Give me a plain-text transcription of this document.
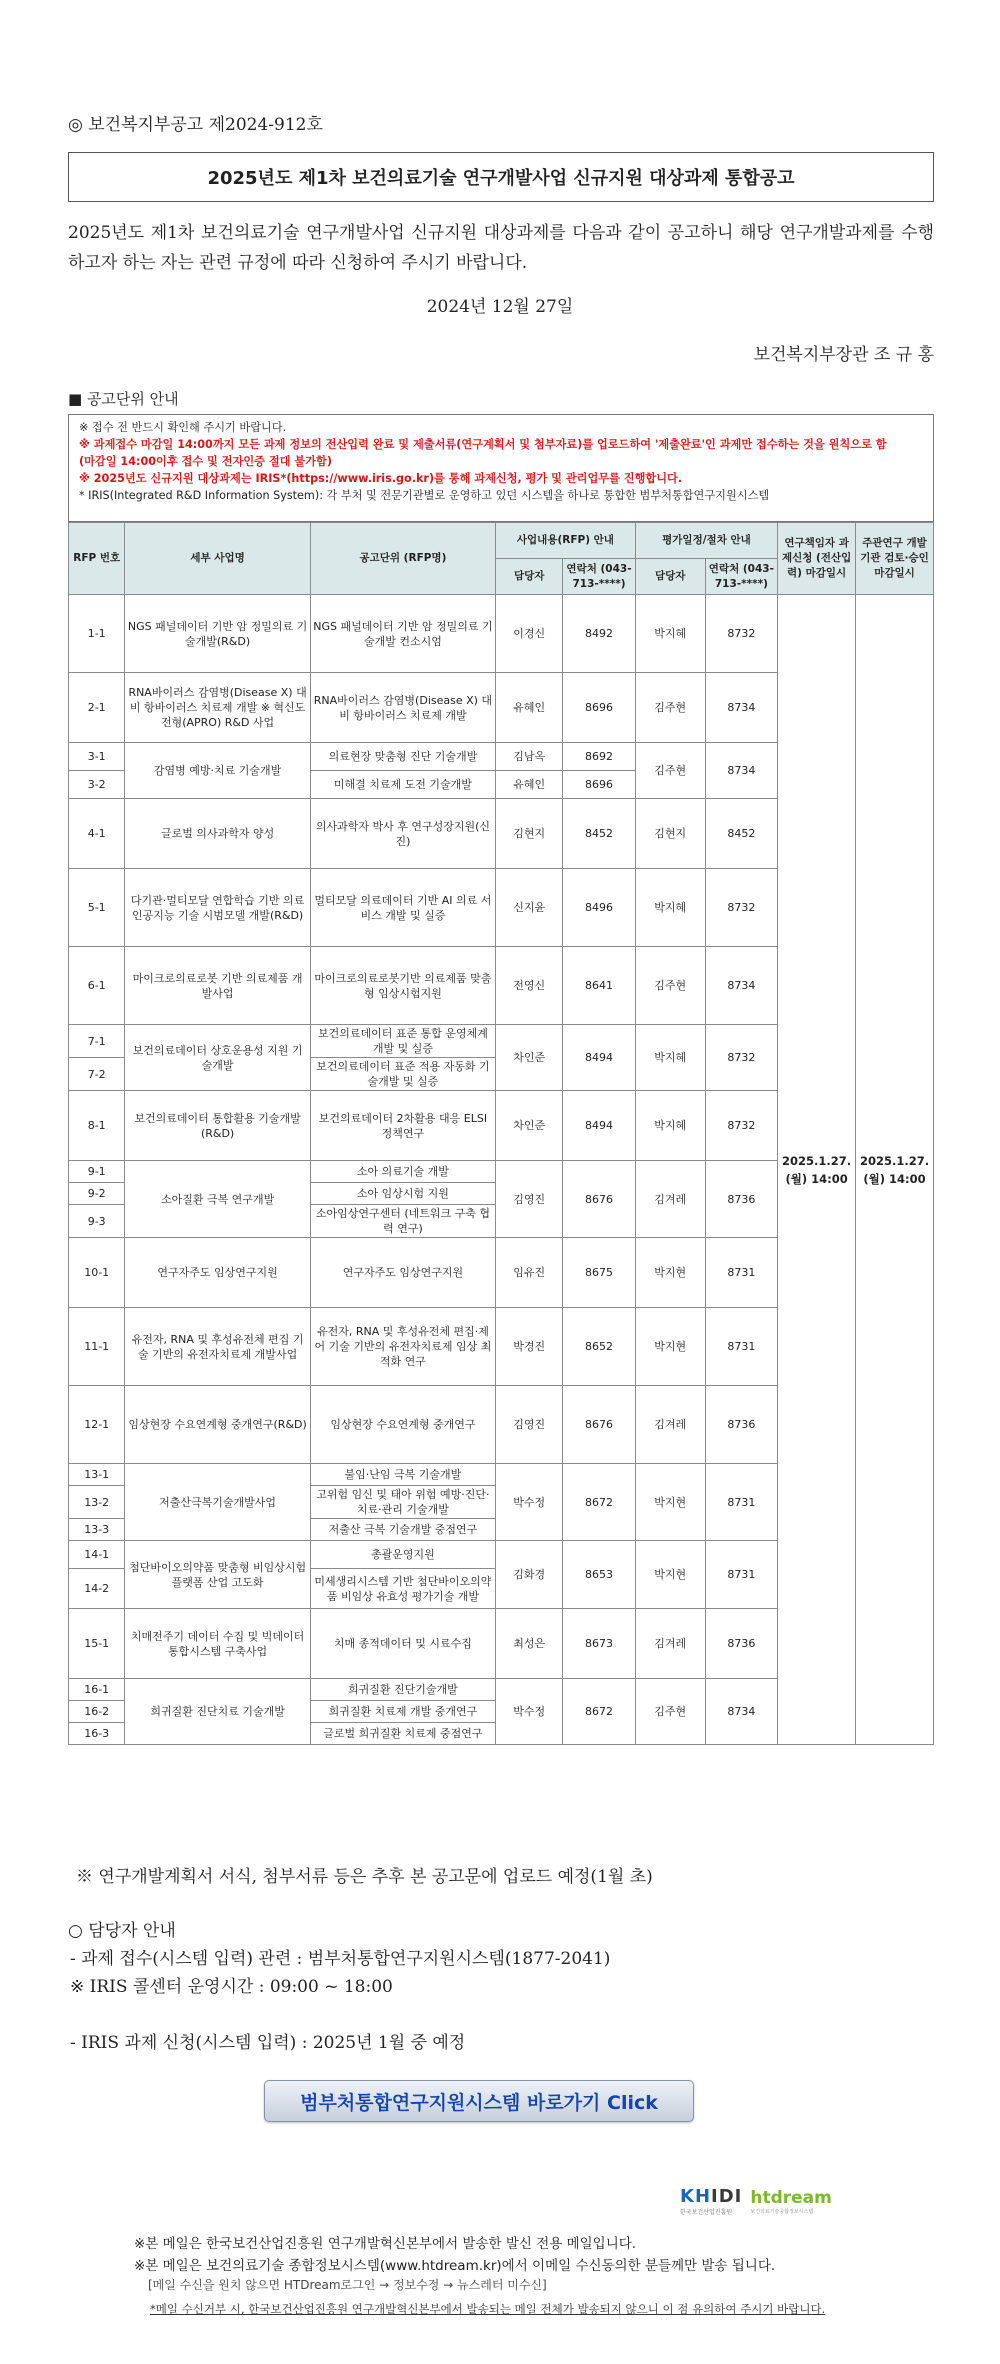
◎ 보건복지부공고 제2024-912호
2025년도 제1차 보건의료기술 연구개발사업 신규지원 대상과제 통합공고
2025년도 제1차 보건의료기술 연구개발사업 신규지원 대상과제를 다음과 같이 공고하니 해당 연구개발과제를 수행하고자 하는 자는 관련 규정에 따라 신청하여 주시기 바랍니다.
2024년 12월 27일
보건복지부장관 조 규 홍
■ 공고단위 안내
※ 접수 전 반드시 확인해 주시기 바랍니다.
※ 과제접수 마감일 14:00까지 모든 과제 정보의 전산입력 완료 및 제출서류(연구계획서 및 첨부자료)를 업로드하여 '제출완료'인 과제만 접수하는 것을 원칙으로 함
(마감일 14:00이후 접수 및 전자인증 절대 불가함)
※ 2025년도 신규지원 대상과제는 IRIS*(https://www.iris.go.kr)를 통해 과제신청, 평가 및 관리업무를 진행합니다.
* IRIS(Integrated R&D Information System): 각 부처 및 전문기관별로 운영하고 있던 시스템을 하나로 통합한 범부처통합연구지원시스템
RFP 번호	세부 사업명	공고단위 (RFP명)	사업내용(RFP) 안내		평가일정/절차 안내		연구책임자 과제신청 (전산입력) 마감일시	주관연구 개발기관 검토·승인 마감일시
			담당자	연락처 (043-713-****)	담당자	연락처 (043-713-****)		
1-1	NGS 패널데이터 기반 암 정밀의료 기술개발(R&D)	NGS 패널데이터 기반 암 정밀의료 기술개발 컨소시엄	이경신	8492	박지혜	8732	2025.1.27.(월) 14:00	2025.1.27.(월) 14:00
2-1	RNA바이러스 감염병(Disease X) 대비 항바이러스 치료제 개발 ※ 혁신도전형(APRO) R&D 사업	RNA바이러스 감염병(Disease X) 대비 항바이러스 치료제 개발	유혜인	8696	김주현	8734		
3-1	감염병 예방·치료 기술개발	의료현장 맞춤형 진단 기술개발	김남옥	8692	김주현	8734		
3-2		미해결 치료제 도전 기술개발	유혜인	8696				
4-1	글로벌 의사과학자 양성	의사과학자 박사 후 연구성장지원(신진)	김현지	8452	김현지	8452		
5-1	다기관·멀티모달 연합학습 기반 의료인공지능 기술 시범모델 개발(R&D)	멀티모달 의료데이터 기반 AI 의료 서비스 개발 및 실증	신지윤	8496	박지혜	8732		
6-1	마이크로의료로봇 기반 의료제품 개발사업	마이크로의료로봇기반 의료제품 맞춤형 임상시험지원	전영신	8641	김주현	8734		
7-1	보건의료데이터 상호운용성 지원 기술개발	보건의료데이터 표준 통합 운영체계 개발 및 실증	차인준	8494	박지혜	8732		
7-2		보건의료데이터 표준 적용 자동화 기술개발 및 실증						
8-1	보건의료데이터 통합활용 기술개발(R&D)	보건의료데이터 2차활용 대응 ELSI 정책연구	차인준	8494	박지혜	8732		
9-1	소아질환 극복 연구개발	소아 의료기술 개발	김영진	8676	김겨레	8736		
9-2		소아 임상시험 지원						
9-3		소아임상연구센터 (네트워크 구축 협력 연구)						
10-1	연구자주도 임상연구지원	연구자주도 임상연구지원	임유진	8675	박지현	8731		
11-1	유전자, RNA 및 후성유전체 편집 기술 기반의 유전자치료제 개발사업	유전자, RNA 및 후성유전체 편집·제어 기술 기반의 유전자치료제 임상 최적화 연구	박경진	8652	박지현	8731		
12-1	임상현장 수요연계형 중개연구(R&D)	임상현장 수요연계형 중개연구	김영진	8676	김겨레	8736		
13-1	저출산극복기술개발사업	불임·난임 극복 기술개발	박수정	8672	박지현	8731		
13-2		고위험 임신 및 태아 위험 예방·진단·치료·관리 기술개발						
13-3		저출산 극복 기술개발 중점연구						
14-1	첨단바이오의약품 맞춤형 비임상시험 플랫폼 산업 고도화	총괄운영지원	김화경	8653	박지현	8731		
14-2		미세생리시스템 기반 첨단바이오의약품 비임상 유효성 평가기술 개발						
15-1	치매전주기 데이터 수집 및 빅데이터 통합시스템 구축사업	치매 종적데이터 및 시료수집	최성은	8673	김겨레	8736		
16-1	희귀질환 진단치료 기술개발	희귀질환 진단기술개발	박수정	8672	김주현	8734		
16-2		희귀질환 치료제 개발 중개연구						
16-3		글로벌 희귀질환 치료제 중점연구						
※ 연구개발계획서 서식, 첨부서류 등은 추후 본 공고문에 업로드 예정(1월 초)
○ 담당자 안내
- 과제 접수(시스템 입력) 관련 : 범부처통합연구지원시스템(1877-2041)
※ IRIS 콜센터 운영시간 : 09:00 ~ 18:00
- IRIS 과제 신청(시스템 입력) : 2025년 1월 중 예정
범부처통합연구지원시스템 바로가기 Click
KHIDI
한국보건산업진흥원
htdream
보건의료기술종합정보시스템
※본 메일은 한국보건산업진흥원 연구개발혁신본부에서 발송한 발신 전용 메일입니다.
※본 메일은 보건의료기술 종합정보시스템(www.htdream.kr)에서 이메일 수신동의한 분들께만 발송 됩니다.
[메일 수신을 원치 않으면 HTDream로그인 → 정보수정 → 뉴스레터 미수신]
*메일 수신거부 시, 한국보건산업진흥원 연구개발혁신본부에서 발송되는 메일 전체가 발송되지 않으니 이 점 유의하여 주시기 바랍니다.
